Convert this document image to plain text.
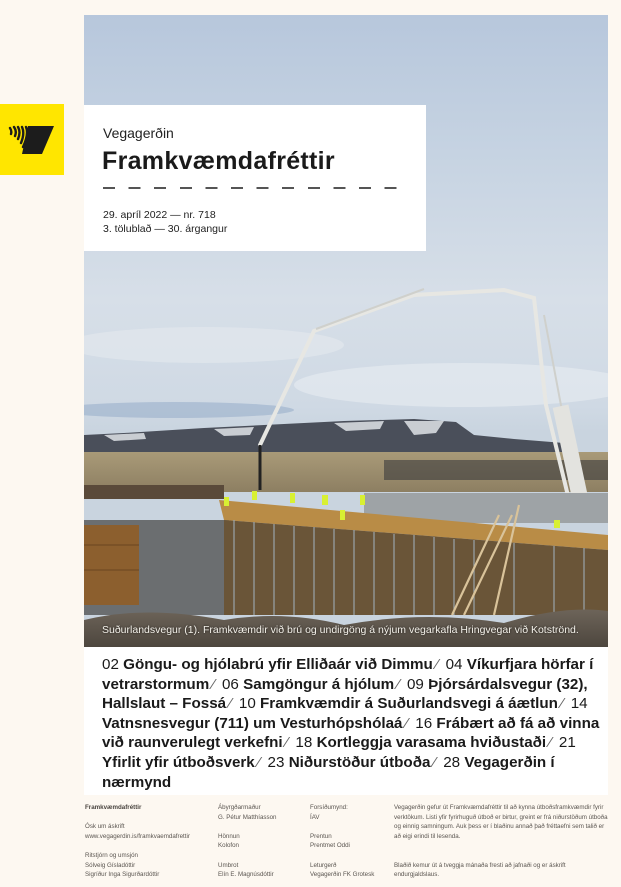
Suðurlandsvegur (1). Framkvæmdir við brú og undirgöng á nýjum vegarkafla Hringvegar við Kotströnd.
Vegagerðin
Framkvæmdafréttir
29. apríl 2022 — nr. 718
3. tölublað — 30. árgangur
02 Göngu- og hjólabrú yfir Elliðaár við Dimmu ⁄ 04 Víkurfjara hörfar í vetrarstormum ⁄ 06 Samgöngur á hjólum ⁄ 09 Þjórsárdalsvegur (32), Hallslaut – Fossá ⁄ 10 Framkvæmdir á Suðurlandsvegi á áætlun ⁄ 14 Vatnsnesvegur (711) um Vesturhópshólaá ⁄ 16 Frábært að fá að vinna við raunverulegt verkefni ⁄ 18 Kortleggja varasama hviðustaði ⁄ 21 Yfirlit yfir útboðsverk ⁄ 23 Niðurstöður útboða ⁄ 28 Vegagerðin í nærmynd

Framkvæmdafréttir

Ósk um áskrift

www.vegagerdin.is/framkvaemdafrettir

Ritstjórn og umsjón

Sólveig Gísladóttir

Sigríður Inga Sigurðardóttir

Ábyrgðarmaður

G. Pétur Matthíasson

Hönnun

Kolofon

Umbrot

Elín E. Magnúsdóttir

Forsíðumynd:

ÍAV

Prentun

Prentmet Oddi

Leturgerð

Vegagerðin FK Grotesk

Vegagerðin gefur út Framkvæmdafréttir til að kynna útboðsframkvæmdir fyrir verktökum. Listi yfir fyrirhuguð útboð er birtur, greint er frá niðurstöðum útboða og einnig samningum. Auk þess er í blaðinu annað það fréttaefni sem talið er að eigi erindi til lesenda.

Blaðið kemur út á tveggja mánaða fresti að jafnaði og er áskrift endurgjaldslaus.
